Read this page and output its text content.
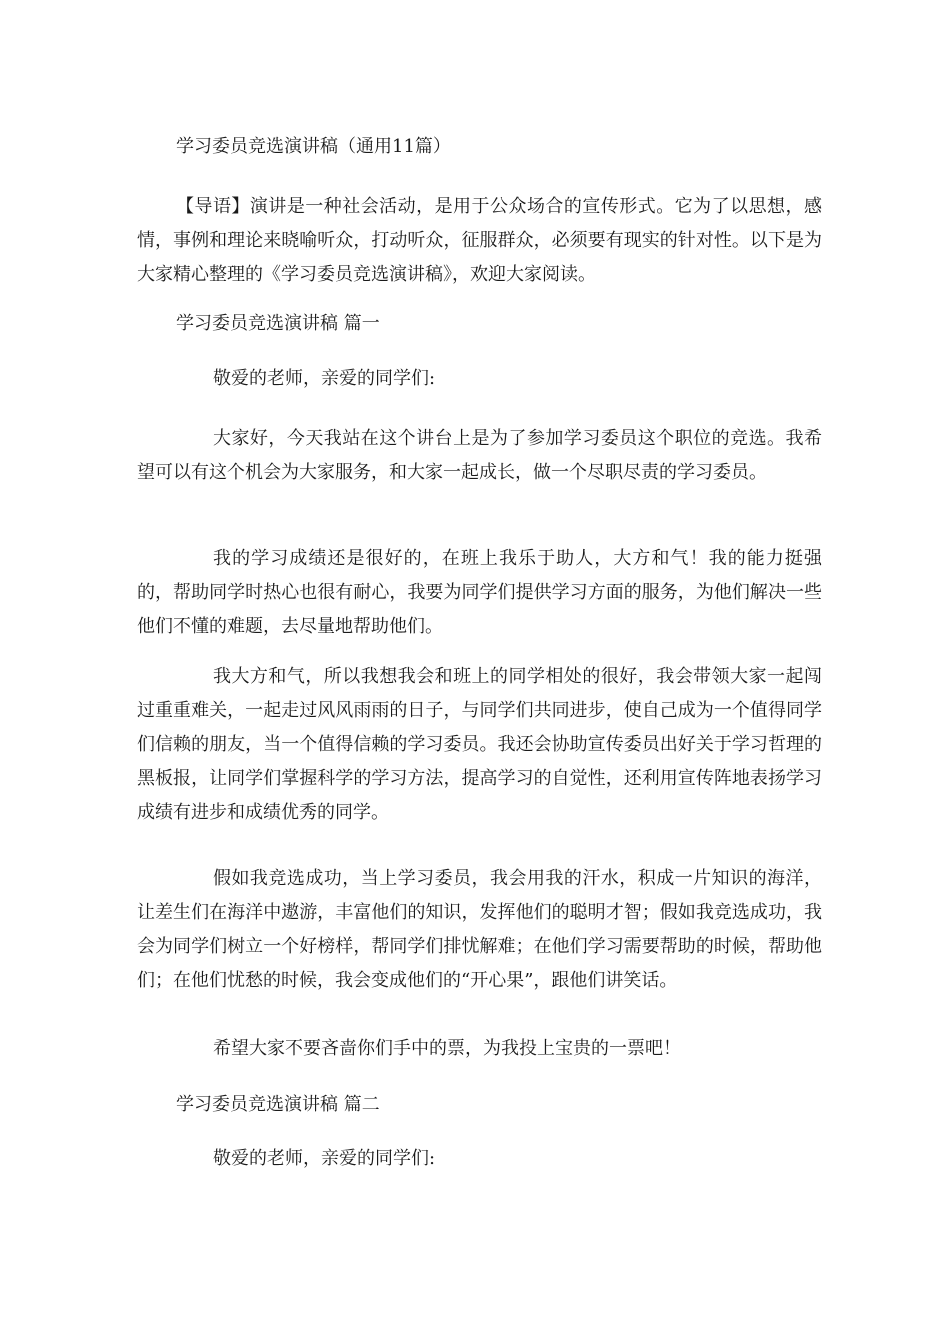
学习委员竞选演讲稿（通用11篇）

【导语】演讲是一种社会活动，是用于公众场合的宣传形式。它为了以思想，感情，事例和理论来晓喻听众，打动听众，征服群众，必须要有现实的针对性。以下是为大家精心整理的《学习委员竞选演讲稿》，欢迎大家阅读。

学习委员竞选演讲稿 篇一
敬爱的老师，亲爱的同学们:

大家好，今天我站在这个讲台上是为了参加学习委员这个职位的竞选。我希望可以有这个机会为大家服务，和大家一起成长，做一个尽职尽责的学习委员。

我的学习成绩还是很好的，在班上我乐于助人，大方和气！我的能力挺强的，帮助同学时热心也很有耐心，我要为同学们提供学习方面的服务，为他们解决一些他们不懂的难题，去尽量地帮助他们。

我大方和气，所以我想我会和班上的同学相处的很好，我会带领大家一起闯过重重难关，一起走过风风雨雨的日子，与同学们共同进步，使自己成为一个值得同学们信赖的朋友，当一个值得信赖的学习委员。我还会协助宣传委员出好关于学习哲理的黑板报，让同学们掌握科学的学习方法，提高学习的自觉性，还利用宣传阵地表扬学习成绩有进步和成绩优秀的同学。

假如我竞选成功，当上学习委员，我会用我的汗水，积成一片知识的海洋，让差生们在海洋中遨游，丰富他们的知识，发挥他们的聪明才智；假如我竞选成功，我会为同学们树立一个好榜样，帮同学们排忧解难；在他们学习需要帮助的时候，帮助他们；在他们忧愁的时候，我会变成他们的“开心果”，跟他们讲笑话。

希望大家不要吝啬你们手中的票，为我投上宝贵的一票吧！
学习委员竞选演讲稿 篇二
敬爱的老师，亲爱的同学们:
